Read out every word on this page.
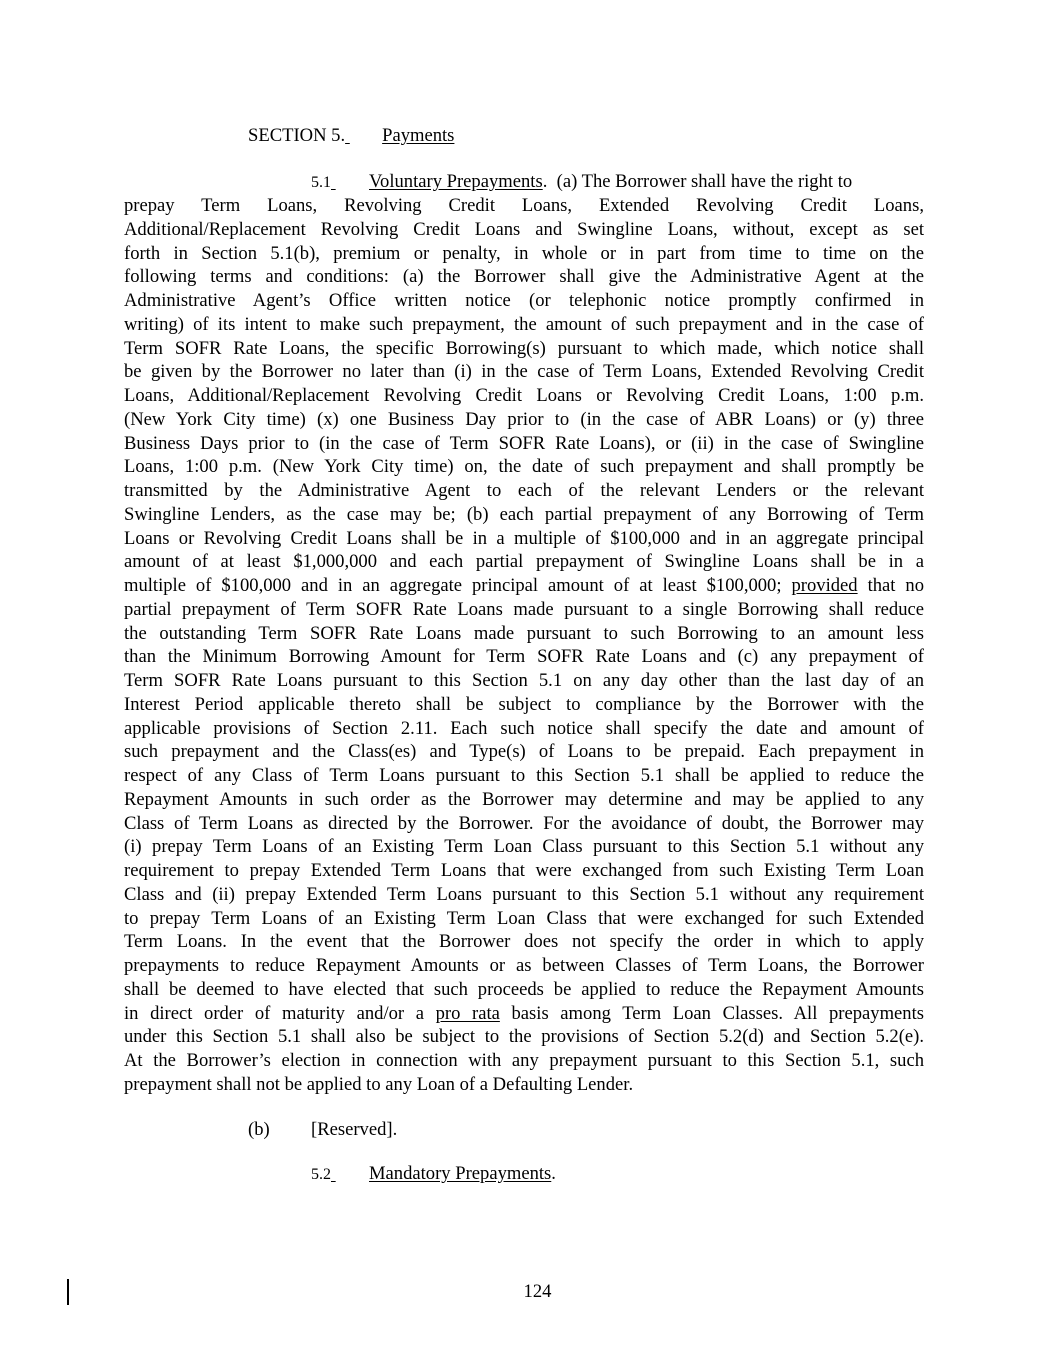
SECTION 5. Payments
5.1 Voluntary Prepayments. (a) The Borrower shall have the right to
prepay Term Loans, Revolving Credit Loans, Extended Revolving Credit Loans,
Additional/Replacement Revolving Credit Loans and Swingline Loans, without, except as set
forth in Section 5.1(b), premium or penalty, in whole or in part from time to time on the
following terms and conditions: (a) the Borrower shall give the Administrative Agent at the
Administrative Agent’s Office written notice (or telephonic notice promptly confirmed in
writing) of its intent to make such prepayment, the amount of such prepayment and in the case of
Term SOFR Rate Loans, the specific Borrowing(s) pursuant to which made, which notice shall
be given by the Borrower no later than (i) in the case of Term Loans, Extended Revolving Credit
Loans, Additional/Replacement Revolving Credit Loans or Revolving Credit Loans, 1:00 p.m.
(New York City time) (x) one Business Day prior to (in the case of ABR Loans) or (y) three
Business Days prior to (in the case of Term SOFR Rate Loans), or (ii) in the case of Swingline
Loans, 1:00 p.m. (New York City time) on, the date of such prepayment and shall promptly be
transmitted by the Administrative Agent to each of the relevant Lenders or the relevant
Swingline Lenders, as the case may be; (b) each partial prepayment of any Borrowing of Term
Loans or Revolving Credit Loans shall be in a multiple of $100,000 and in an aggregate principal
amount of at least $1,000,000 and each partial prepayment of Swingline Loans shall be in a
multiple of $100,000 and in an aggregate principal amount of at least $100,000; provided that no
partial prepayment of Term SOFR Rate Loans made pursuant to a single Borrowing shall reduce
the outstanding Term SOFR Rate Loans made pursuant to such Borrowing to an amount less
than the Minimum Borrowing Amount for Term SOFR Rate Loans and (c) any prepayment of
Term SOFR Rate Loans pursuant to this Section 5.1 on any day other than the last day of an
Interest Period applicable thereto shall be subject to compliance by the Borrower with the
applicable provisions of Section 2.11. Each such notice shall specify the date and amount of
such prepayment and the Class(es) and Type(s) of Loans to be prepaid. Each prepayment in
respect of any Class of Term Loans pursuant to this Section 5.1 shall be applied to reduce the
Repayment Amounts in such order as the Borrower may determine and may be applied to any
Class of Term Loans as directed by the Borrower. For the avoidance of doubt, the Borrower may
(i) prepay Term Loans of an Existing Term Loan Class pursuant to this Section 5.1 without any
requirement to prepay Extended Term Loans that were exchanged from such Existing Term Loan
Class and (ii) prepay Extended Term Loans pursuant to this Section 5.1 without any requirement
to prepay Term Loans of an Existing Term Loan Class that were exchanged for such Extended
Term Loans. In the event that the Borrower does not specify the order in which to apply
prepayments to reduce Repayment Amounts or as between Classes of Term Loans, the Borrower
shall be deemed to have elected that such proceeds be applied to reduce the Repayment Amounts
in direct order of maturity and/or a pro rata basis among Term Loan Classes. All prepayments
under this Section 5.1 shall also be subject to the provisions of Section 5.2(d) and Section 5.2(e).
At the Borrower’s election in connection with any prepayment pursuant to this Section 5.1, such
prepayment shall not be applied to any Loan of a Defaulting Lender.
(b) [Reserved].
5.2 Mandatory Prepayments.
124
